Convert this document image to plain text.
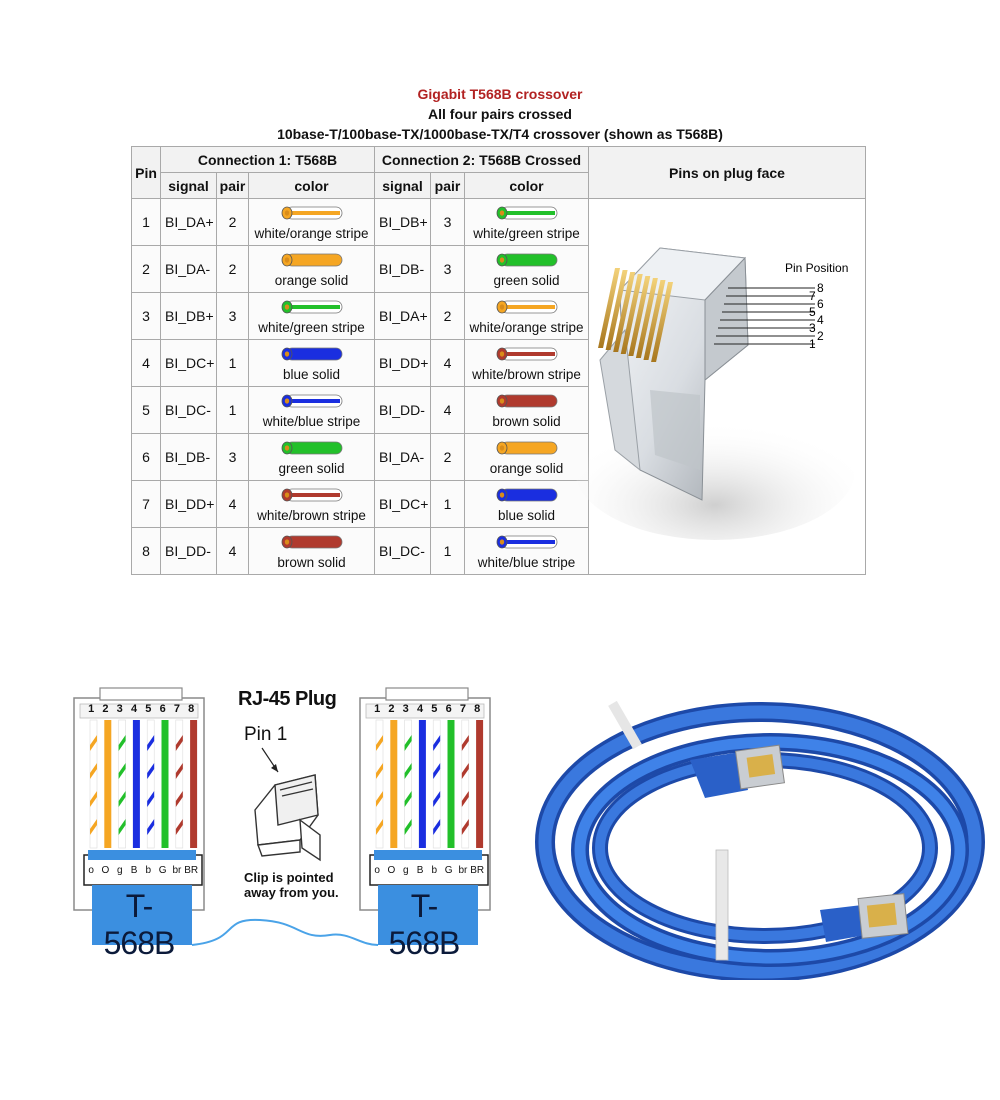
Gigabit T568B crossover
All four pairs crossed
10base-T/100base-TX/1000base-TX/T4 crossover (shown as T568B)
Pin	Connection 1: T568B			Connection 2: T568B Crossed			Pins on plug face
	signal	pair	color	signal	pair	color	
1	BI_DA+	2	white/orange stripe	BI_DB+	3	white/green stripe	

2	BI_DA-	2	orange solid	BI_DB-	3	green solid	

3	BI_DB+	3	white/green stripe	BI_DA+	2	white/orange stripe	

4	BI_DC+	1	blue solid	BI_DD+	4	white/brown stripe	

5	BI_DC-	1	white/blue stripe	BI_DD-	4	brown solid	

6	BI_DB-	3	green solid	BI_DA-	2	orange solid	

7	BI_DD+	4	white/brown stripe	BI_DC+	1	blue solid	

8	BI_DD-	4	brown solid	BI_DC-	1	white/blue stripe	
Pin Position
8
7
6
5
4
3
2
1
1 2 3 4 5 6 7 8	1 2 3 4 5 6 7 8
o O g B b G br BR	o O g B b G br BR
RJ-45 Plug
Pin 1
Clip is pointed
away from you.
T-568B
T-568B
